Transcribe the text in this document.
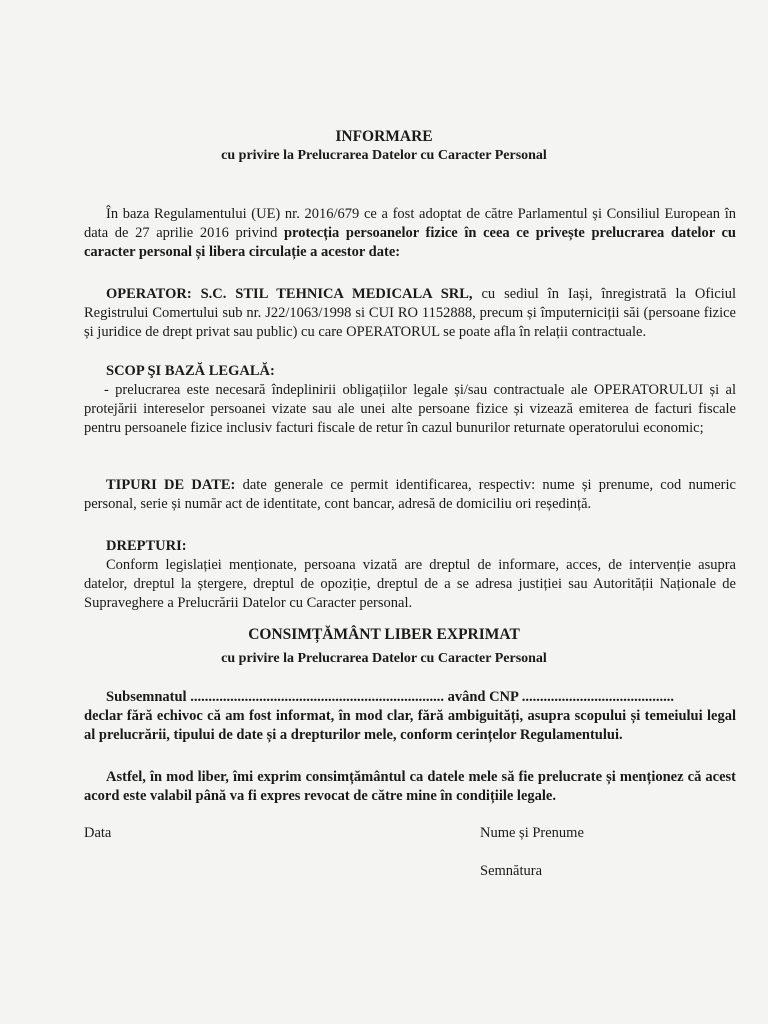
INFORMARE
cu privire la Prelucrarea Datelor cu Caracter Personal
În baza Regulamentului (UE) nr. 2016/679 ce a fost adoptat de către Parlamentul și Consiliul European în data de 27 aprilie 2016 privind protecția persoanelor fizice în ceea ce privește prelucrarea datelor cu caracter personal și libera circulație a acestor date:
OPERATOR: S.C. STIL TEHNICA MEDICALA SRL, cu sediul în Iași, înregistrată la Oficiul Registrului Comertului sub nr. J22/1063/1998 si CUI RO 1152888, precum și împuterniciții săi (persoane fizice și juridice de drept privat sau public) cu care OPERATORUL se poate afla în relații contractuale.
SCOP ŞI BAZĂ LEGALĂ:
- prelucrarea este necesară îndeplinirii obligațiilor legale și/sau contractuale ale OPERATORULUI și al protejării intereselor persoanei vizate sau ale unei alte persoane fizice și vizează emiterea de facturi fiscale pentru persoanele fizice inclusiv facturi fiscale de retur în cazul bunurilor returnate operatorului economic;
TIPURI DE DATE: date generale ce permit identificarea, respectiv: nume și prenume, cod numeric personal, serie și număr act de identitate, cont bancar, adresă de domiciliu ori reședință.
DREPTURI:
Conform legislației menționate, persoana vizată are dreptul de informare, acces, de intervenție asupra datelor, dreptul la ștergere, dreptul de opoziție, dreptul de a se adresa justiției sau Autorității Naționale de Supraveghere a Prelucrării Datelor cu Caracter personal.
CONSIMȚĂMÂNT LIBER EXPRIMAT
cu privire la Prelucrarea Datelor cu Caracter Personal
Subsemnatul ...................................................................... având CNP ..........................................
declar fără echivoc că am fost informat, în mod clar, fără ambiguități, asupra scopului și temeiului legal al prelucrării, tipului de date și a drepturilor mele, conform cerințelor Regulamentului.
Astfel, în mod liber, îmi exprim consimțământul ca datele mele să fie prelucrate și menționez că acest acord este valabil până va fi expres revocat de către mine în condițiile legale.
Data	Nume și Prenume
Semnătura
